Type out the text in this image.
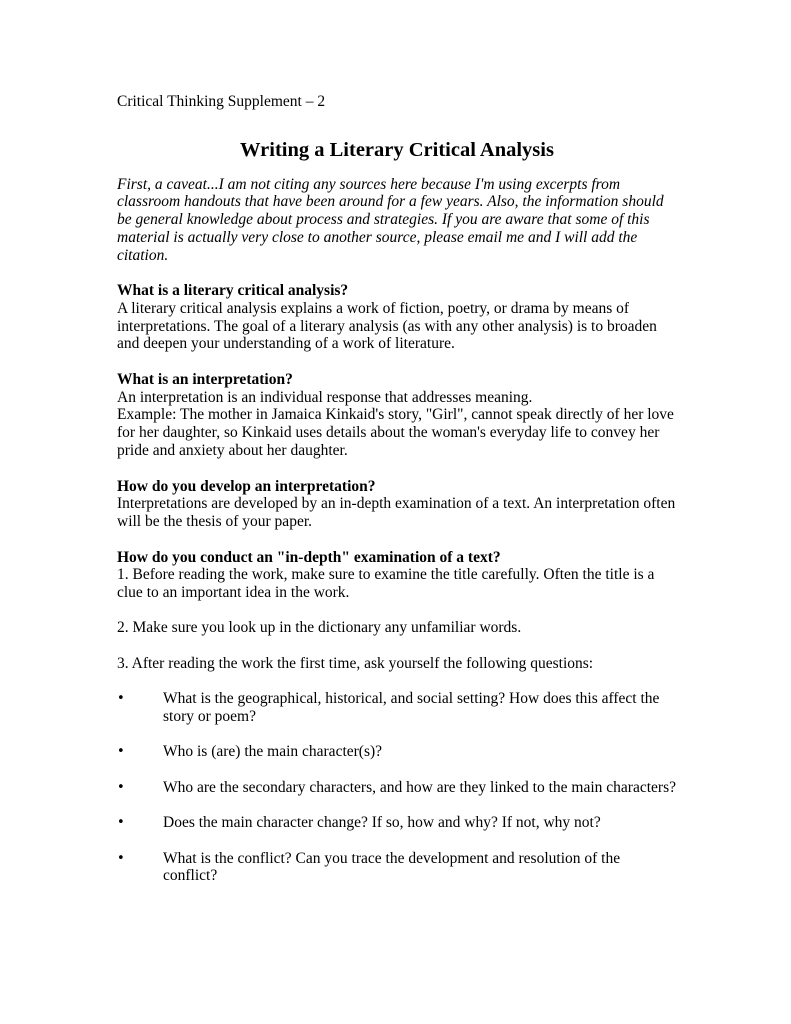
Critical Thinking Supplement – 2

Writing a Literary Critical Analysis

First, a caveat...I am not citing any sources here because I'm using excerpts from classroom handouts that have been around for a few years. Also, the information should be general knowledge about process and strategies. If you are aware that some of this material is actually very close to another source, please email me and I will add the citation.

What is a literary critical analysis?
A literary critical analysis explains a work of fiction, poetry, or drama by means of interpretations. The goal of a literary analysis (as with any other analysis) is to broaden and deepen your understanding of a work of literature.
What is an interpretation?
An interpretation is an individual response that addresses meaning.
Example: The mother in Jamaica Kinkaid's story, "Girl", cannot speak directly of her love for her daughter, so Kinkaid uses details about the woman's everyday life to convey her pride and anxiety about her daughter.
How do you develop an interpretation?
Interpretations are developed by an in-depth examination of a text. An interpretation often will be the thesis of your paper.
How do you conduct an "in-depth" examination of a text?
1. Before reading the work, make sure to examine the title carefully. Often the title is a clue to an important idea in the work.
2. Make sure you look up in the dictionary any unfamiliar words.
3. After reading the work the first time, ask yourself the following questions:
• What is the geographical, historical, and social setting? How does this affect the story or poem?
• Who is (are) the main character(s)?
• Who are the secondary characters, and how are they linked to the main characters?
• Does the main character change? If so, how and why? If not, why not?
• What is the conflict? Can you trace the development and resolution of the conflict?
